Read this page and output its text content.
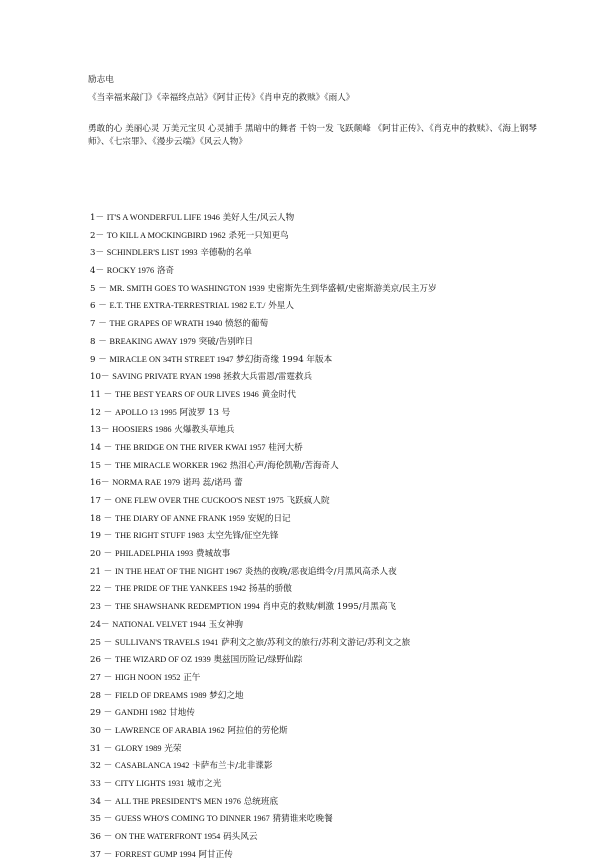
励志电
《当幸福来敲门》《幸福终点站》《阿甘正传》《肖申克的救赎》《雨人》
勇敢的心 美丽心灵 万美元宝贝 心灵捕手 黑暗中的舞者 千钧一发 飞跃颠峰 《阿甘正传》、《肖克申的救赎》、《海上钢琴师》、《七宗罪》、《漫步云端》《风云人物》
1－ IT'S A WONDERFUL LIFE 1946 美好人生/风云人物
2－ TO KILL A MOCKINGBIRD 1962 杀死一只知更鸟
3－ SCHINDLER'S LIST 1993 辛德勒的名单
4－ ROCKY 1976 洛奇
5 － MR. SMITH GOES TO WASHINGTON 1939 史密斯先生到华盛顿/史密斯游美京/民主万岁
6 － E.T. THE EXTRA-TERRESTRIAL 1982 E.T./ 外星人
7 － THE GRAPES OF WRATH 1940 愤怒的葡萄
8 － BREAKING AWAY 1979 突破/告别昨日
9 － MIRACLE ON 34TH STREET 1947 梦幻街奇缘 1994 年版本
10－ SAVING PRIVATE RYAN 1998 拯救大兵雷恩/雷霆救兵
11 － THE BEST YEARS OF OUR LIVES 1946 黄金时代
12 － APOLLO 13 1995 阿波罗 13 号
13－ HOOSIERS 1986 火爆教头草地兵
14 － THE BRIDGE ON THE RIVER KWAI 1957 桂河大桥
15 － THE MIRACLE WORKER 1962 热泪心声/海伦凯勒/苦海奇人
16－ NORMA RAE 1979 诺玛 蕊/诺玛 蕾
17 － ONE FLEW OVER THE CUCKOO'S NEST 1975 飞跃疯人院
18 － THE DIARY OF ANNE FRANK 1959 安妮的日记
19 － THE RIGHT STUFF 1983 太空先锋/征空先锋
20 － PHILADELPHIA 1993 费城故事
21 － IN THE HEAT OF THE NIGHT 1967 炎热的夜晚/恶夜追缉令/月黑风高杀人夜
22 － THE PRIDE OF THE YANKEES 1942 扬基的骄傲
23 － THE SHAWSHANK REDEMPTION 1994 肖申克的救赎/刺激 1995/月黑高飞
24－ NATIONAL VELVET 1944 玉女神驹
25 － SULLIVAN'S TRAVELS 1941 萨利文之旅/苏利文的旅行/苏利文游记/苏利文之旅
26 － THE WIZARD OF OZ 1939 奥兹国历险记/绿野仙踪
27 － HIGH NOON 1952 正午
28 － FIELD OF DREAMS 1989 梦幻之地
29 － GANDHI 1982 甘地传
30 － LAWRENCE OF ARABIA 1962 阿拉伯的劳伦斯
31 － GLORY 1989 光荣
32 － CASABLANCA 1942 卡萨布兰卡/北非谍影
33 － CITY LIGHTS 1931 城市之光
34 － ALL THE PRESIDENT'S MEN 1976 总统班底
35 － GUESS WHO'S COMING TO DINNER 1967 猜猜谁来吃晚餐
36 － ON THE WATERFRONT 1954 码头风云
37 － FORREST GUMP 1994 阿甘正传
